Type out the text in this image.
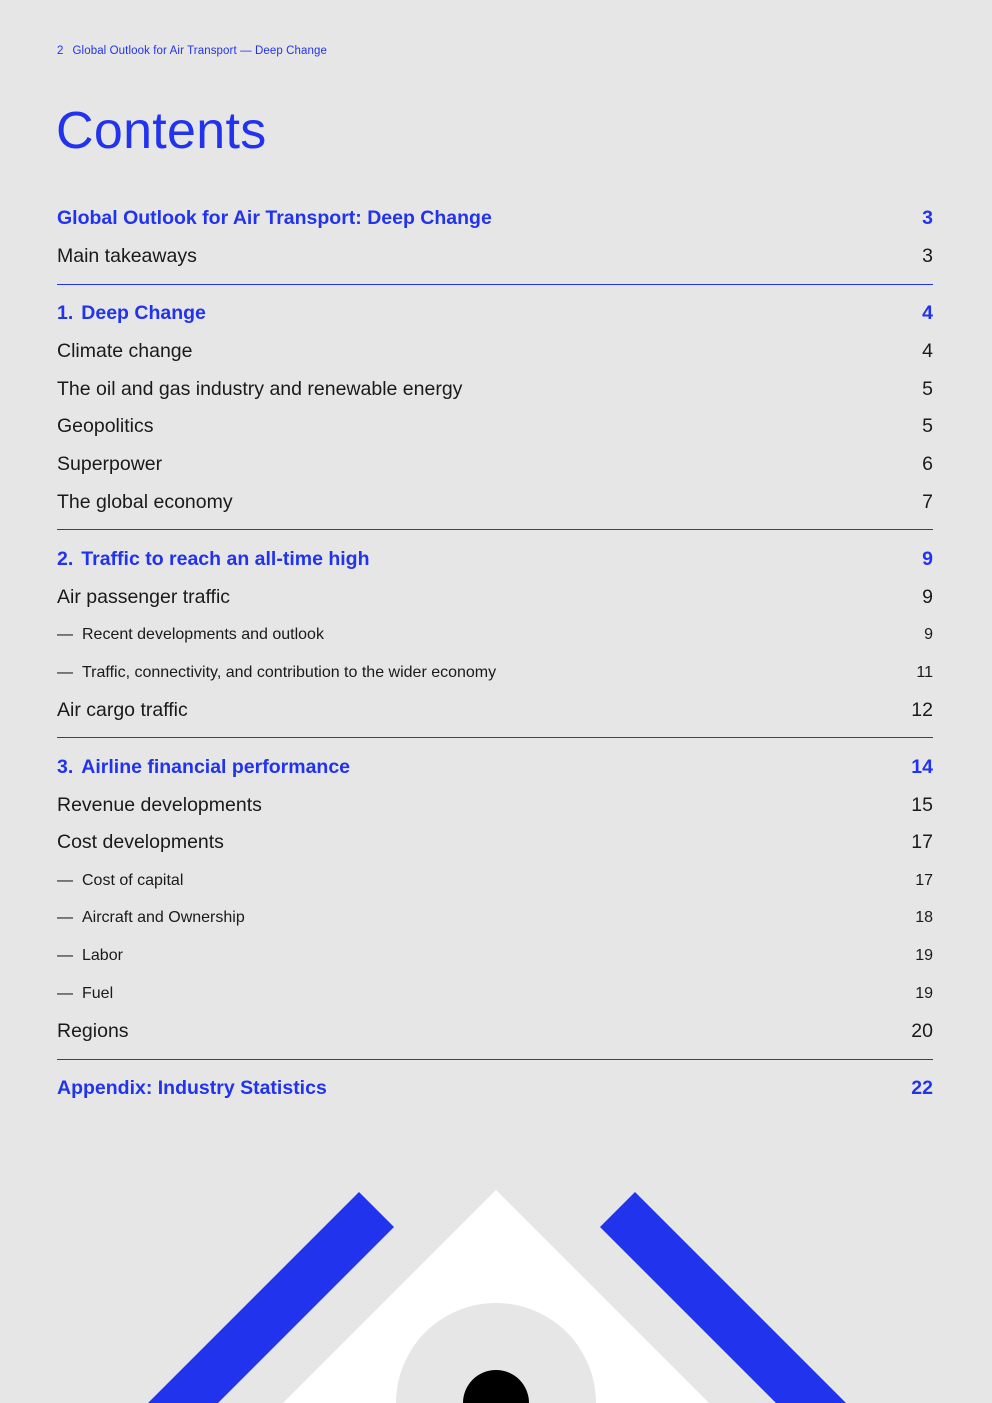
2 Global Outlook for Air Transport — Deep Change
Contents
Global Outlook for Air Transport: Deep Change	3
Main takeaways	3
1. Deep Change	4
Climate change	4
The oil and gas industry and renewable energy	5
Geopolitics	5
Superpower	6
The global economy	7
2. Traffic to reach an all-time high	9
Air passenger traffic	9
— Recent developments and outlook	9
— Traffic, connectivity, and contribution to the wider economy	11
Air cargo traffic	12
3. Airline financial performance	14
Revenue developments	15
Cost developments	17
— Cost of capital	17
— Aircraft and Ownership	18
— Labor	19
— Fuel	19
Regions	20
Appendix: Industry Statistics	22
